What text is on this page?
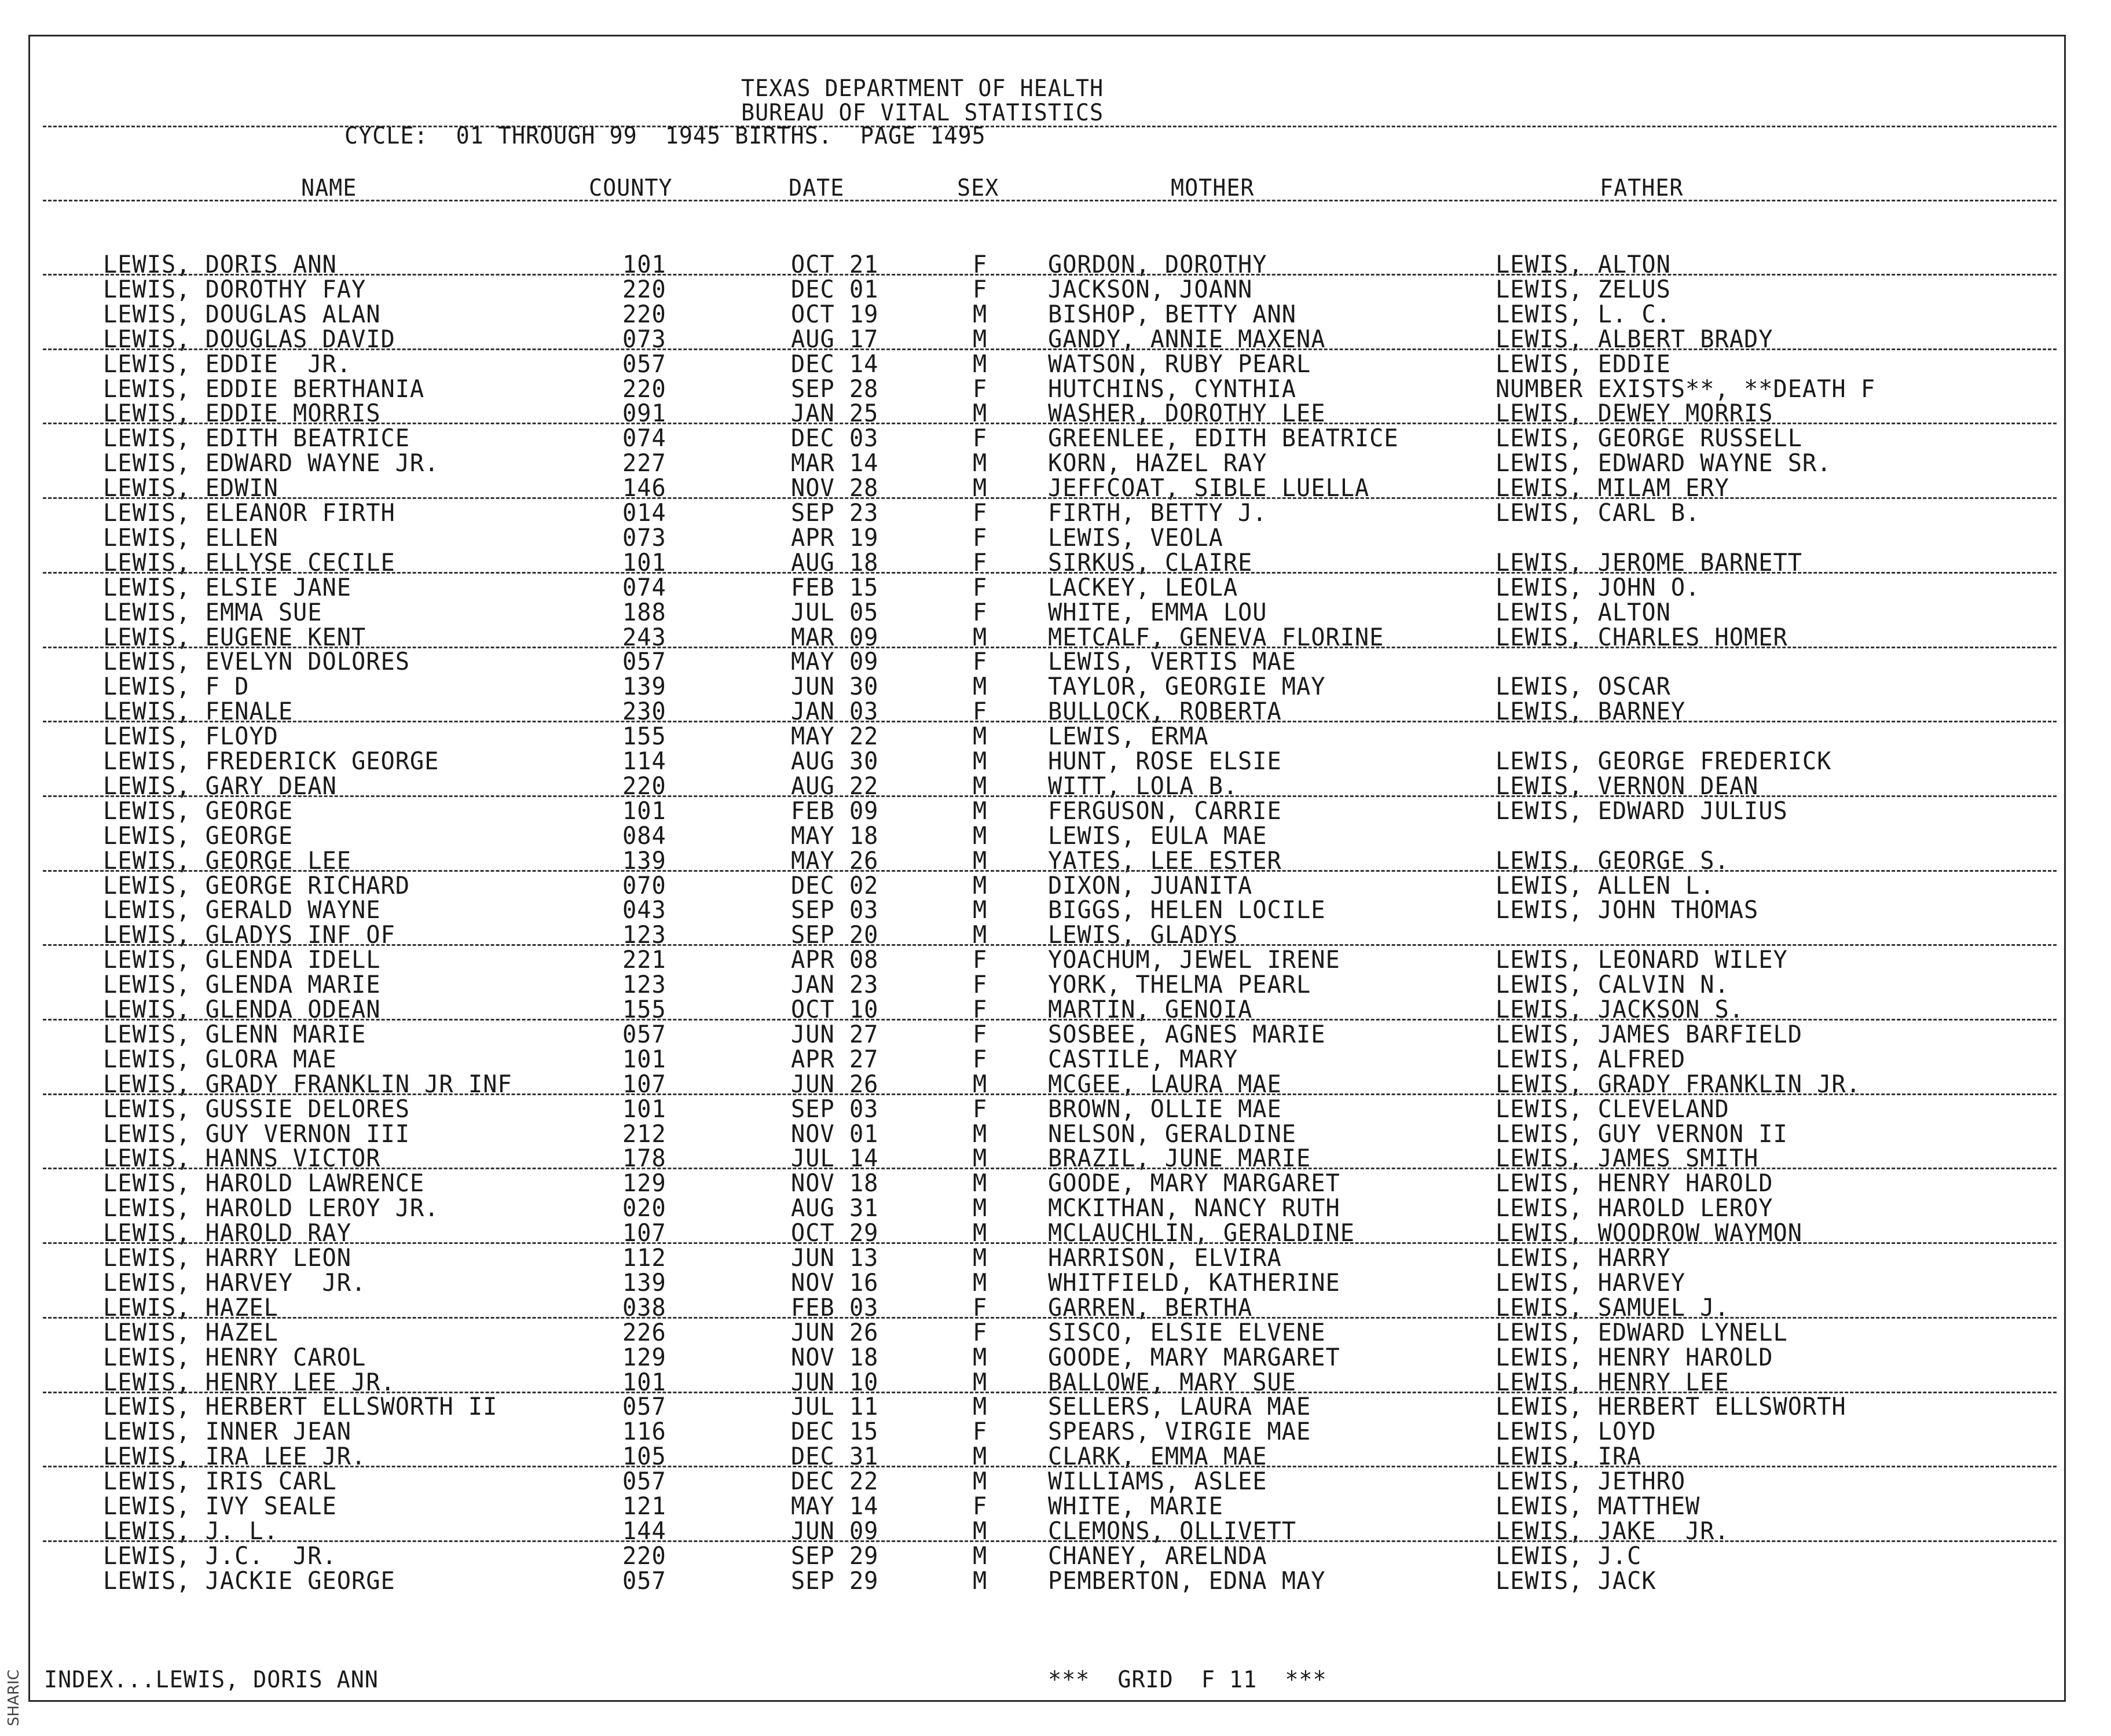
SHARIC
TEXAS DEPARTMENT OF HEALTH
BUREAU OF VITAL STATISTICS
CYCLE:  01 THROUGH 99  1945 BIRTHS.  PAGE 1495
NAME	COUNTY	DATE	SEX	MOTHER	FATHER
LEWIS, DORIS ANN	101	OCT 21	F GORDON, DOROTHY	LEWIS, ALTON
LEWIS, DOROTHY FAY	220	DEC 01	F JACKSON, JOANN	LEWIS, ZELUS
LEWIS, DOUGLAS ALAN	220	OCT 19	M BISHOP, BETTY ANN	LEWIS, L. C.
LEWIS, DOUGLAS DAVID	073	AUG 17	M GANDY, ANNIE MAXENA	LEWIS, ALBERT BRADY
LEWIS, EDDIE  JR.	057	DEC 14	M WATSON, RUBY PEARL	LEWIS, EDDIE
LEWIS, EDDIE BERTHANIA	220	SEP 28	F HUTCHINS, CYNTHIA	NUMBER EXISTS**, **DEATH F
LEWIS, EDDIE MORRIS	091	JAN 25	M WASHER, DOROTHY LEE	LEWIS, DEWEY MORRIS
LEWIS, EDITH BEATRICE	074	DEC 03	F GREENLEE, EDITH BEATRICE	LEWIS, GEORGE RUSSELL
LEWIS, EDWARD WAYNE JR.	227	MAR 14	M KORN, HAZEL RAY	LEWIS, EDWARD WAYNE SR.
LEWIS, EDWIN	146	NOV 28	M JEFFCOAT, SIBLE LUELLA	LEWIS, MILAM ERY
LEWIS, ELEANOR FIRTH	014	SEP 23	F FIRTH, BETTY J.	LEWIS, CARL B.
LEWIS, ELLEN	073	APR 19	F LEWIS, VEOLA
LEWIS, ELLYSE CECILE	101	AUG 18	F SIRKUS, CLAIRE	LEWIS, JEROME BARNETT
LEWIS, ELSIE JANE	074	FEB 15	F LACKEY, LEOLA	LEWIS, JOHN O.
LEWIS, EMMA SUE	188	JUL 05	F WHITE, EMMA LOU	LEWIS, ALTON
LEWIS, EUGENE KENT	243	MAR 09	M METCALF, GENEVA FLORINE	LEWIS, CHARLES HOMER
LEWIS, EVELYN DOLORES	057	MAY 09	F LEWIS, VERTIS MAE
LEWIS, F D	139	JUN 30	M TAYLOR, GEORGIE MAY	LEWIS, OSCAR
LEWIS, FENALE	230	JAN 03	F BULLOCK, ROBERTA	LEWIS, BARNEY
LEWIS, FLOYD	155	MAY 22	M LEWIS, ERMA
LEWIS, FREDERICK GEORGE	114	AUG 30	M HUNT, ROSE ELSIE	LEWIS, GEORGE FREDERICK
LEWIS, GARY DEAN	220	AUG 22	M WITT, LOLA B.	LEWIS, VERNON DEAN
LEWIS, GEORGE	101	FEB 09	M FERGUSON, CARRIE	LEWIS, EDWARD JULIUS
LEWIS, GEORGE	084	MAY 18	M LEWIS, EULA MAE
LEWIS, GEORGE LEE	139	MAY 26	M YATES, LEE ESTER	LEWIS, GEORGE S.
LEWIS, GEORGE RICHARD	070	DEC 02	M DIXON, JUANITA	LEWIS, ALLEN L.
LEWIS, GERALD WAYNE	043	SEP 03	M BIGGS, HELEN LOCILE	LEWIS, JOHN THOMAS
LEWIS, GLADYS INF OF	123	SEP 20	M LEWIS, GLADYS
LEWIS, GLENDA IDELL	221	APR 08	F YOACHUM, JEWEL IRENE	LEWIS, LEONARD WILEY
LEWIS, GLENDA MARIE	123	JAN 23	F YORK, THELMA PEARL	LEWIS, CALVIN N.
LEWIS, GLENDA ODEAN	155	OCT 10	F MARTIN, GENOIA	LEWIS, JACKSON S.
LEWIS, GLENN MARIE	057	JUN 27	F SOSBEE, AGNES MARIE	LEWIS, JAMES BARFIELD
LEWIS, GLORA MAE	101	APR 27	F CASTILE, MARY	LEWIS, ALFRED
LEWIS, GRADY FRANKLIN JR INF	107	JUN 26	M MCGEE, LAURA MAE	LEWIS, GRADY FRANKLIN JR.
LEWIS, GUSSIE DELORES	101	SEP 03	F BROWN, OLLIE MAE	LEWIS, CLEVELAND
LEWIS, GUY VERNON III	212	NOV 01	M NELSON, GERALDINE	LEWIS, GUY VERNON II
LEWIS, HANNS VICTOR	178	JUL 14	M BRAZIL, JUNE MARIE	LEWIS, JAMES SMITH
LEWIS, HAROLD LAWRENCE	129	NOV 18	M GOODE, MARY MARGARET	LEWIS, HENRY HAROLD
LEWIS, HAROLD LEROY JR.	020	AUG 31	M MCKITHAN, NANCY RUTH	LEWIS, HAROLD LEROY
LEWIS, HAROLD RAY	107	OCT 29	M MCLAUCHLIN, GERALDINE	LEWIS, WOODROW WAYMON
LEWIS, HARRY LEON	112	JUN 13	M HARRISON, ELVIRA	LEWIS, HARRY
LEWIS, HARVEY  JR.	139	NOV 16	M WHITFIELD, KATHERINE	LEWIS, HARVEY
LEWIS, HAZEL	038	FEB 03	F GARREN, BERTHA	LEWIS, SAMUEL J.
LEWIS, HAZEL	226	JUN 26	F SISCO, ELSIE ELVENE	LEWIS, EDWARD LYNELL
LEWIS, HENRY CAROL	129	NOV 18	M GOODE, MARY MARGARET	LEWIS, HENRY HAROLD
LEWIS, HENRY LEE JR.	101	JUN 10	M BALLOWE, MARY SUE	LEWIS, HENRY LEE
LEWIS, HERBERT ELLSWORTH II	057	JUL 11	M SELLERS, LAURA MAE	LEWIS, HERBERT ELLSWORTH
LEWIS, INNER JEAN	116	DEC 15	F SPEARS, VIRGIE MAE	LEWIS, LOYD
LEWIS, IRA LEE JR.	105	DEC 31	M CLARK, EMMA MAE	LEWIS, IRA
LEWIS, IRIS CARL	057	DEC 22	M WILLIAMS, ASLEE	LEWIS, JETHRO
LEWIS, IVY SEALE	121	MAY 14	F WHITE, MARIE	LEWIS, MATTHEW
LEWIS, J. L.	144	JUN 09	M CLEMONS, OLLIVETT	LEWIS, JAKE  JR.
LEWIS, J.C.  JR.	220	SEP 29	M CHANEY, ARELNDA	LEWIS, J.C
LEWIS, JACKIE GEORGE	057	SEP 29	M PEMBERTON, EDNA MAY	LEWIS, JACK
INDEX...LEWIS, DORIS ANN	***  GRID  F 11  ***
